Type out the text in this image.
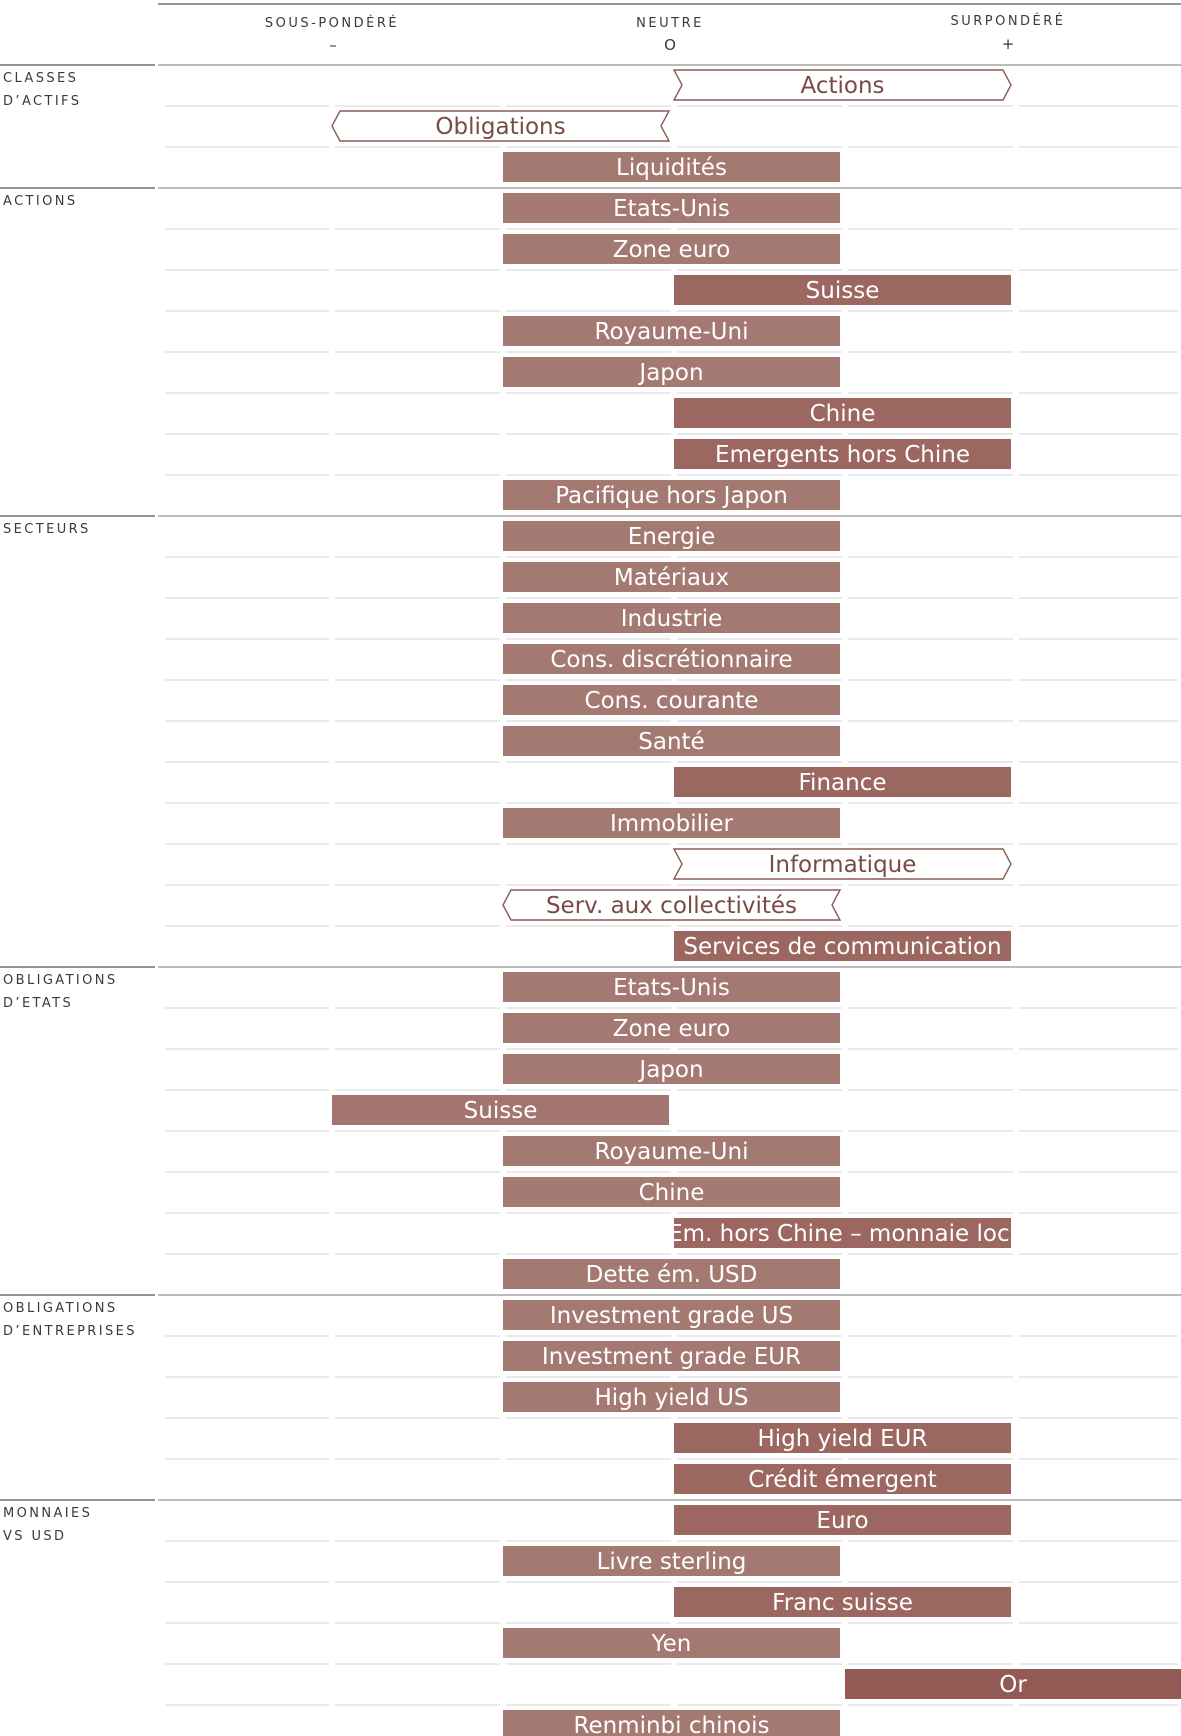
SOUS-PONDÉRÉ
–
NEUTRE
O
SURPONDÉRÉ
+
Actions
Obligations
Liquidités
Etats-Unis
Zone euro
Suisse
Royaume-Uni
Japon
Chine
Emergents hors Chine
Pacifique hors Japon
Energie
Matériaux
Industrie
Cons. discrétionnaire
Cons. courante
Santé
Finance
Immobilier
Informatique
Serv. aux collectivités
Services de communication
Etats-Unis
Zone euro
Japon
Suisse
Royaume-Uni
Chine
Em. hors Chine – monnaie loc.
Dette ém. USD
Investment grade US
Investment grade EUR
High yield US
High yield EUR
Crédit émergent
Euro
Livre sterling
Franc suisse
Yen
Or
Renminbi chinois
CLASSES
D’ACTIFS
ACTIONS
SECTEURS
OBLIGATIONS
D’ETATS
OBLIGATIONS
D’ENTREPRISES
MONNAIES
VS USD
